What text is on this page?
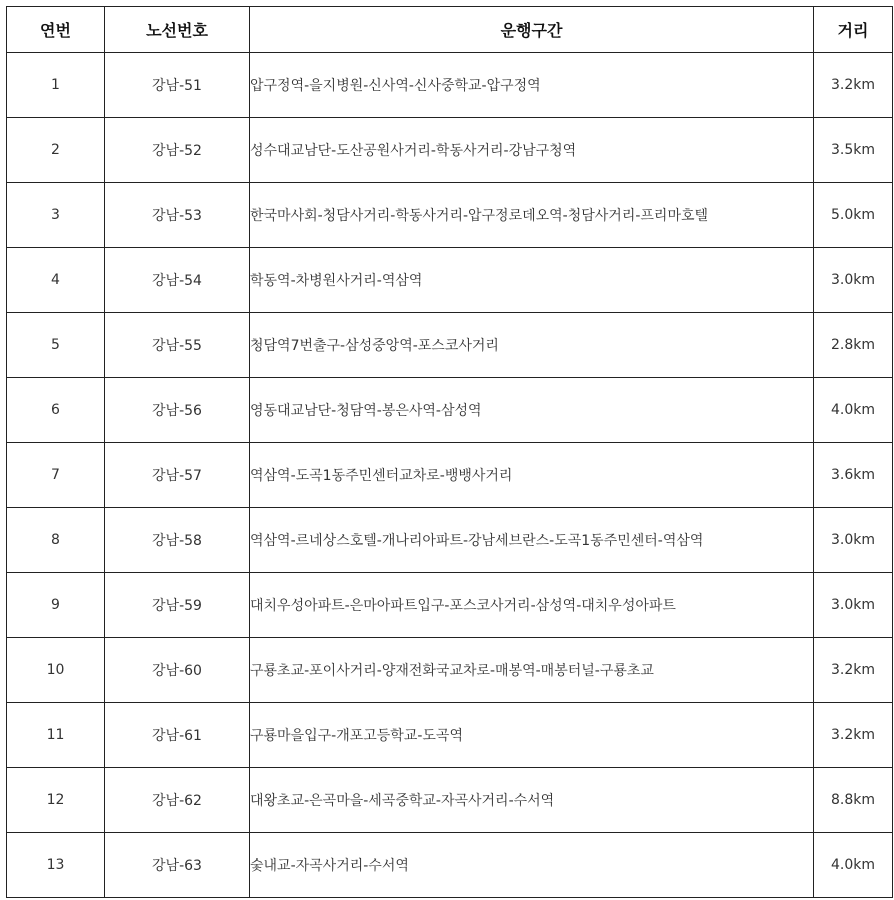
연번	노선번호	운행구간	거리
1	강남-51	압구정역-을지병원-신사역-신사중학교-압구정역	3.2km
2	강남-52	성수대교남단-도산공원사거리-학동사거리-강남구청역	3.5km
3	강남-53	한국마사회-청담사거리-학동사거리-압구정로데오역-청담사거리-프리마호텔	5.0km
4	강남-54	학동역-차병원사거리-역삼역	3.0km
5	강남-55	청담역7번출구-삼성중앙역-포스코사거리	2.8km
6	강남-56	영동대교남단-청담역-봉은사역-삼성역	4.0km
7	강남-57	역삼역-도곡1동주민센터교차로-뱅뱅사거리	3.6km
8	강남-58	역삼역-르네상스호텔-개나리아파트-강남세브란스-도곡1동주민센터-역삼역	3.0km
9	강남-59	대치우성아파트-은마아파트입구-포스코사거리-삼성역-대치우성아파트	3.0km
10	강남-60	구룡초교-포이사거리-양재전화국교차로-매봉역-매봉터널-구룡초교	3.2km
11	강남-61	구룡마을입구-개포고등학교-도곡역	3.2km
12	강남-62	대왕초교-은곡마을-세곡중학교-자곡사거리-수서역	8.8km
13	강남-63	숯내교-자곡사거리-수서역	4.0km
